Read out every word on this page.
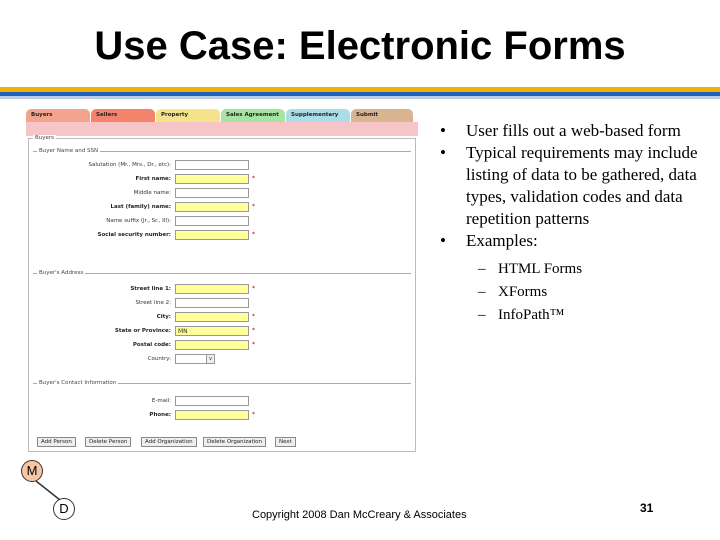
Use Case: Electronic Forms
Buyers	Sellers	Property	Sales Agreement	Supplementary	Submit
Buyers
Buyer Name and SSN
Salutation (Mr., Mrs., Dr., etc):
First name:	*
Middle name:
Last (family) name:	*
Name suffix (Jr., Sr., III):
Social security number:	*
Buyer's Address
Street line 1:	*
Street line 2:
City:	*
State or Province:	MN	*
Postal code:	*
Country:	v
Buyer's Contact Information
E-mail:
Phone:	*
Add Person	Delete Person	Add Organization	Delete Organization	Next
• User fills out a web-based form
• Typical requirements may include listing of data to be gathered, data types, validation codes and data repetition patterns
• Examples:
– HTML Forms
– XForms
– InfoPath™
M
D	Copyright 2008 Dan McCreary & Associates	31
